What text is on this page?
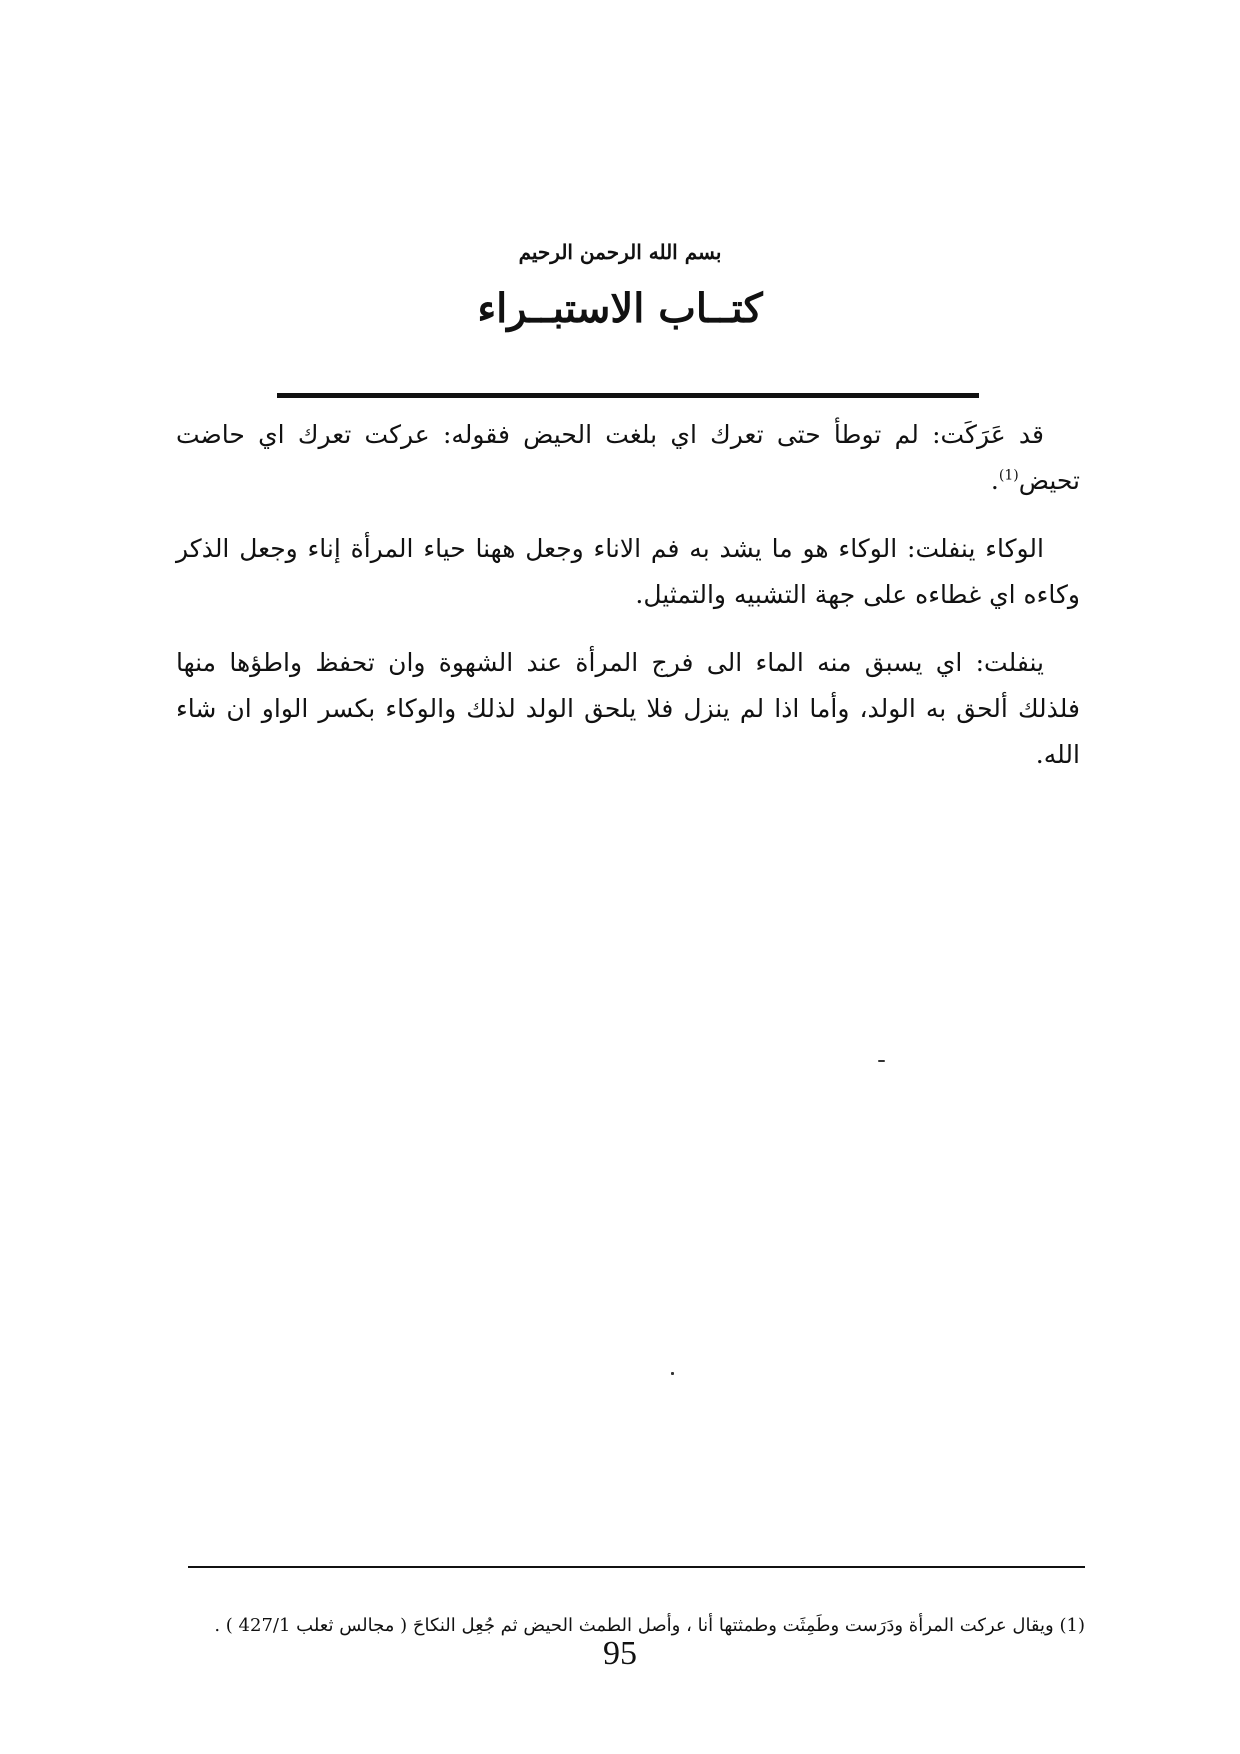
بسم الله الرحمن الرحيم
كتــاب الاستبــراء

قد عَرَكَت: لم توطأ حتى تعرك اي بلغت الحيض فقوله: عركت تعرك اي حاضت تحيض$^{(1)}$.

الوكاء ينفلت: الوكاء هو ما يشد به فم الاناء وجعل ههنا حياء المرأة إناء وجعل الذكر وكاءه اي غطاءه على جهة التشبيه والتمثيل.

ينفلت: اي يسبق منه الماء الى فرج المرأة عند الشهوة وان تحفظ واطؤها منها فلذلك ألحق به الولد، وأما اذا لم ينزل فلا يلحق الولد لذلك والوكاء بكسر الواو ان شاء الله.

(1) ويقال عركت المرأة ودَرَست وطَمِثَت وطمثتها أنا ، وأصل الطمث الحيض ثم جُعِل النكاحَ ( مجالس ثعلب 427/1 ) .

95
